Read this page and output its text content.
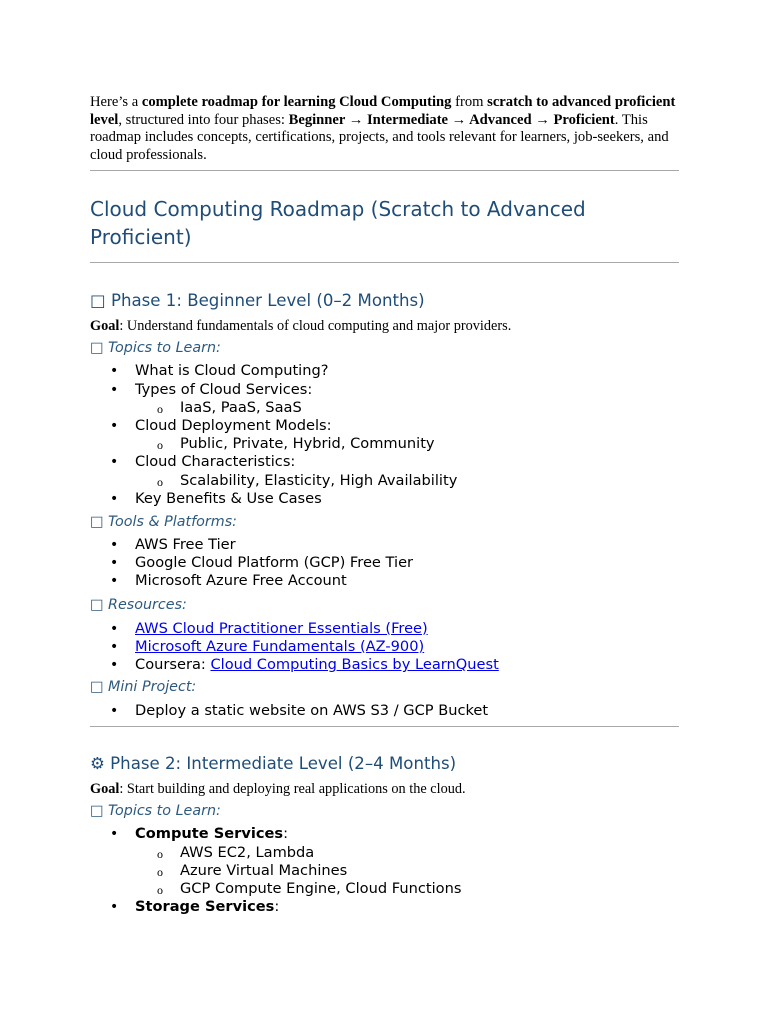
Here’s a complete roadmap for learning Cloud Computing from scratch to advanced proficient level, structured into four phases: Beginner → Intermediate → Advanced → Proficient. This roadmap includes concepts, certifications, projects, and tools relevant for learners, job-seekers, and cloud professionals.

Cloud Computing Roadmap (Scratch to Advanced Proficient)
□ Phase 1: Beginner Level (0–2 Months)

Goal: Understand fundamentals of cloud computing and major providers.

□ Topics to Learn:

• What is Cloud Computing?
• Types of Cloud Services:
o IaaS, PaaS, SaaS
• Cloud Deployment Models:
o Public, Private, Hybrid, Community
• Cloud Characteristics:
o Scalability, Elasticity, High Availability
• Key Benefits & Use Cases

□ Tools & Platforms:

• AWS Free Tier
• Google Cloud Platform (GCP) Free Tier
• Microsoft Azure Free Account

□ Resources:

• AWS Cloud Practitioner Essentials (Free)
• Microsoft Azure Fundamentals (AZ-900)
• Coursera: Cloud Computing Basics by LearnQuest

□ Mini Project:

• Deploy a static website on AWS S3 / GCP Bucket
⚙ Phase 2: Intermediate Level (2–4 Months)

Goal: Start building and deploying real applications on the cloud.

□ Topics to Learn:

• Compute Services:
o AWS EC2, Lambda
o Azure Virtual Machines
o GCP Compute Engine, Cloud Functions
• Storage Services:
